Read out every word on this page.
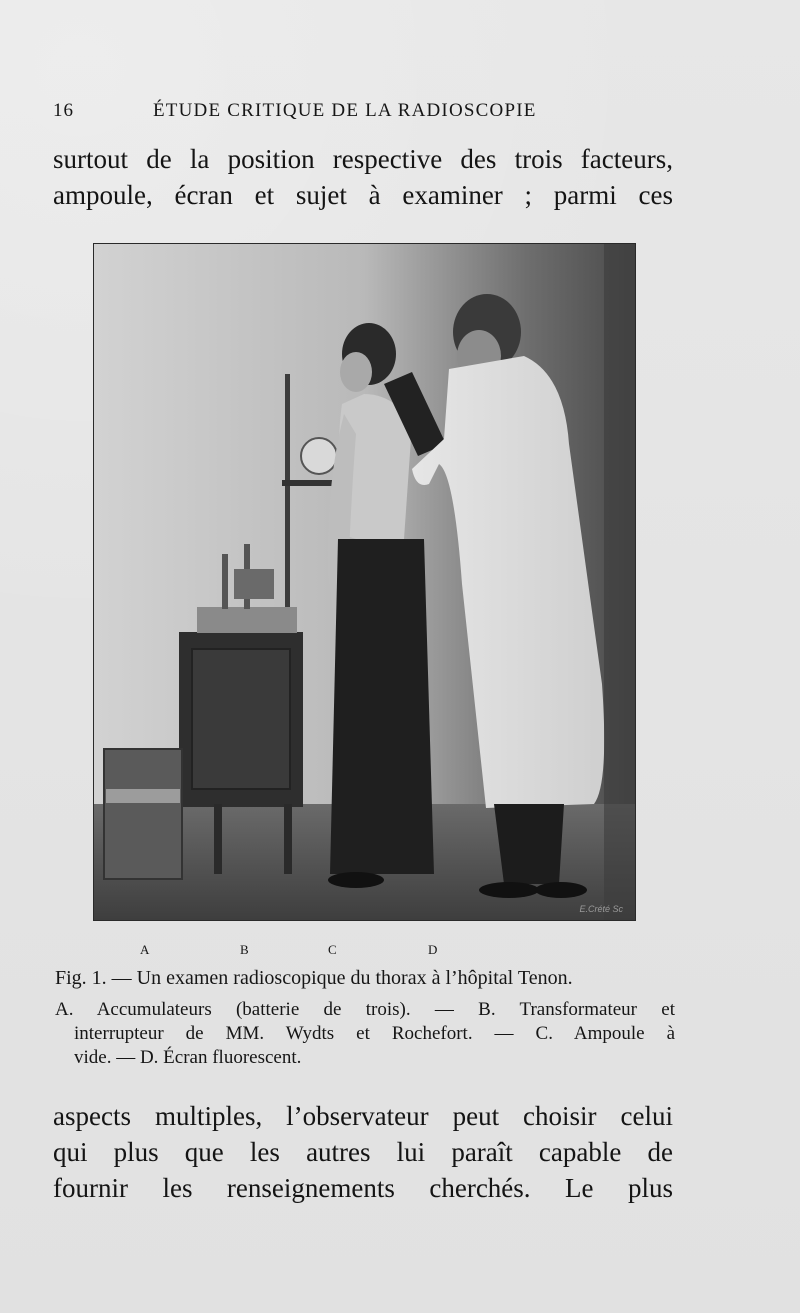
16	ÉTUDE CRITIQUE DE LA RADIOSCOPIE
surtout de la position respective des trois facteurs,
ampoule, écran et sujet à examiner ; parmi ces
E.Crété Sc
A	B	C	D
Fig. 1. — Un examen radioscopique du thorax à l’hôpital Tenon.
A. Accumulateurs (batterie de trois). — B. Transformateur et
interrupteur de MM. Wydts et Rochefort. — C. Ampoule à
vide. — D. Écran fluorescent.
aspects multiples, l’observateur peut choisir celui
qui plus que les autres lui paraît capable de
fournir les renseignements cherchés. Le plus
